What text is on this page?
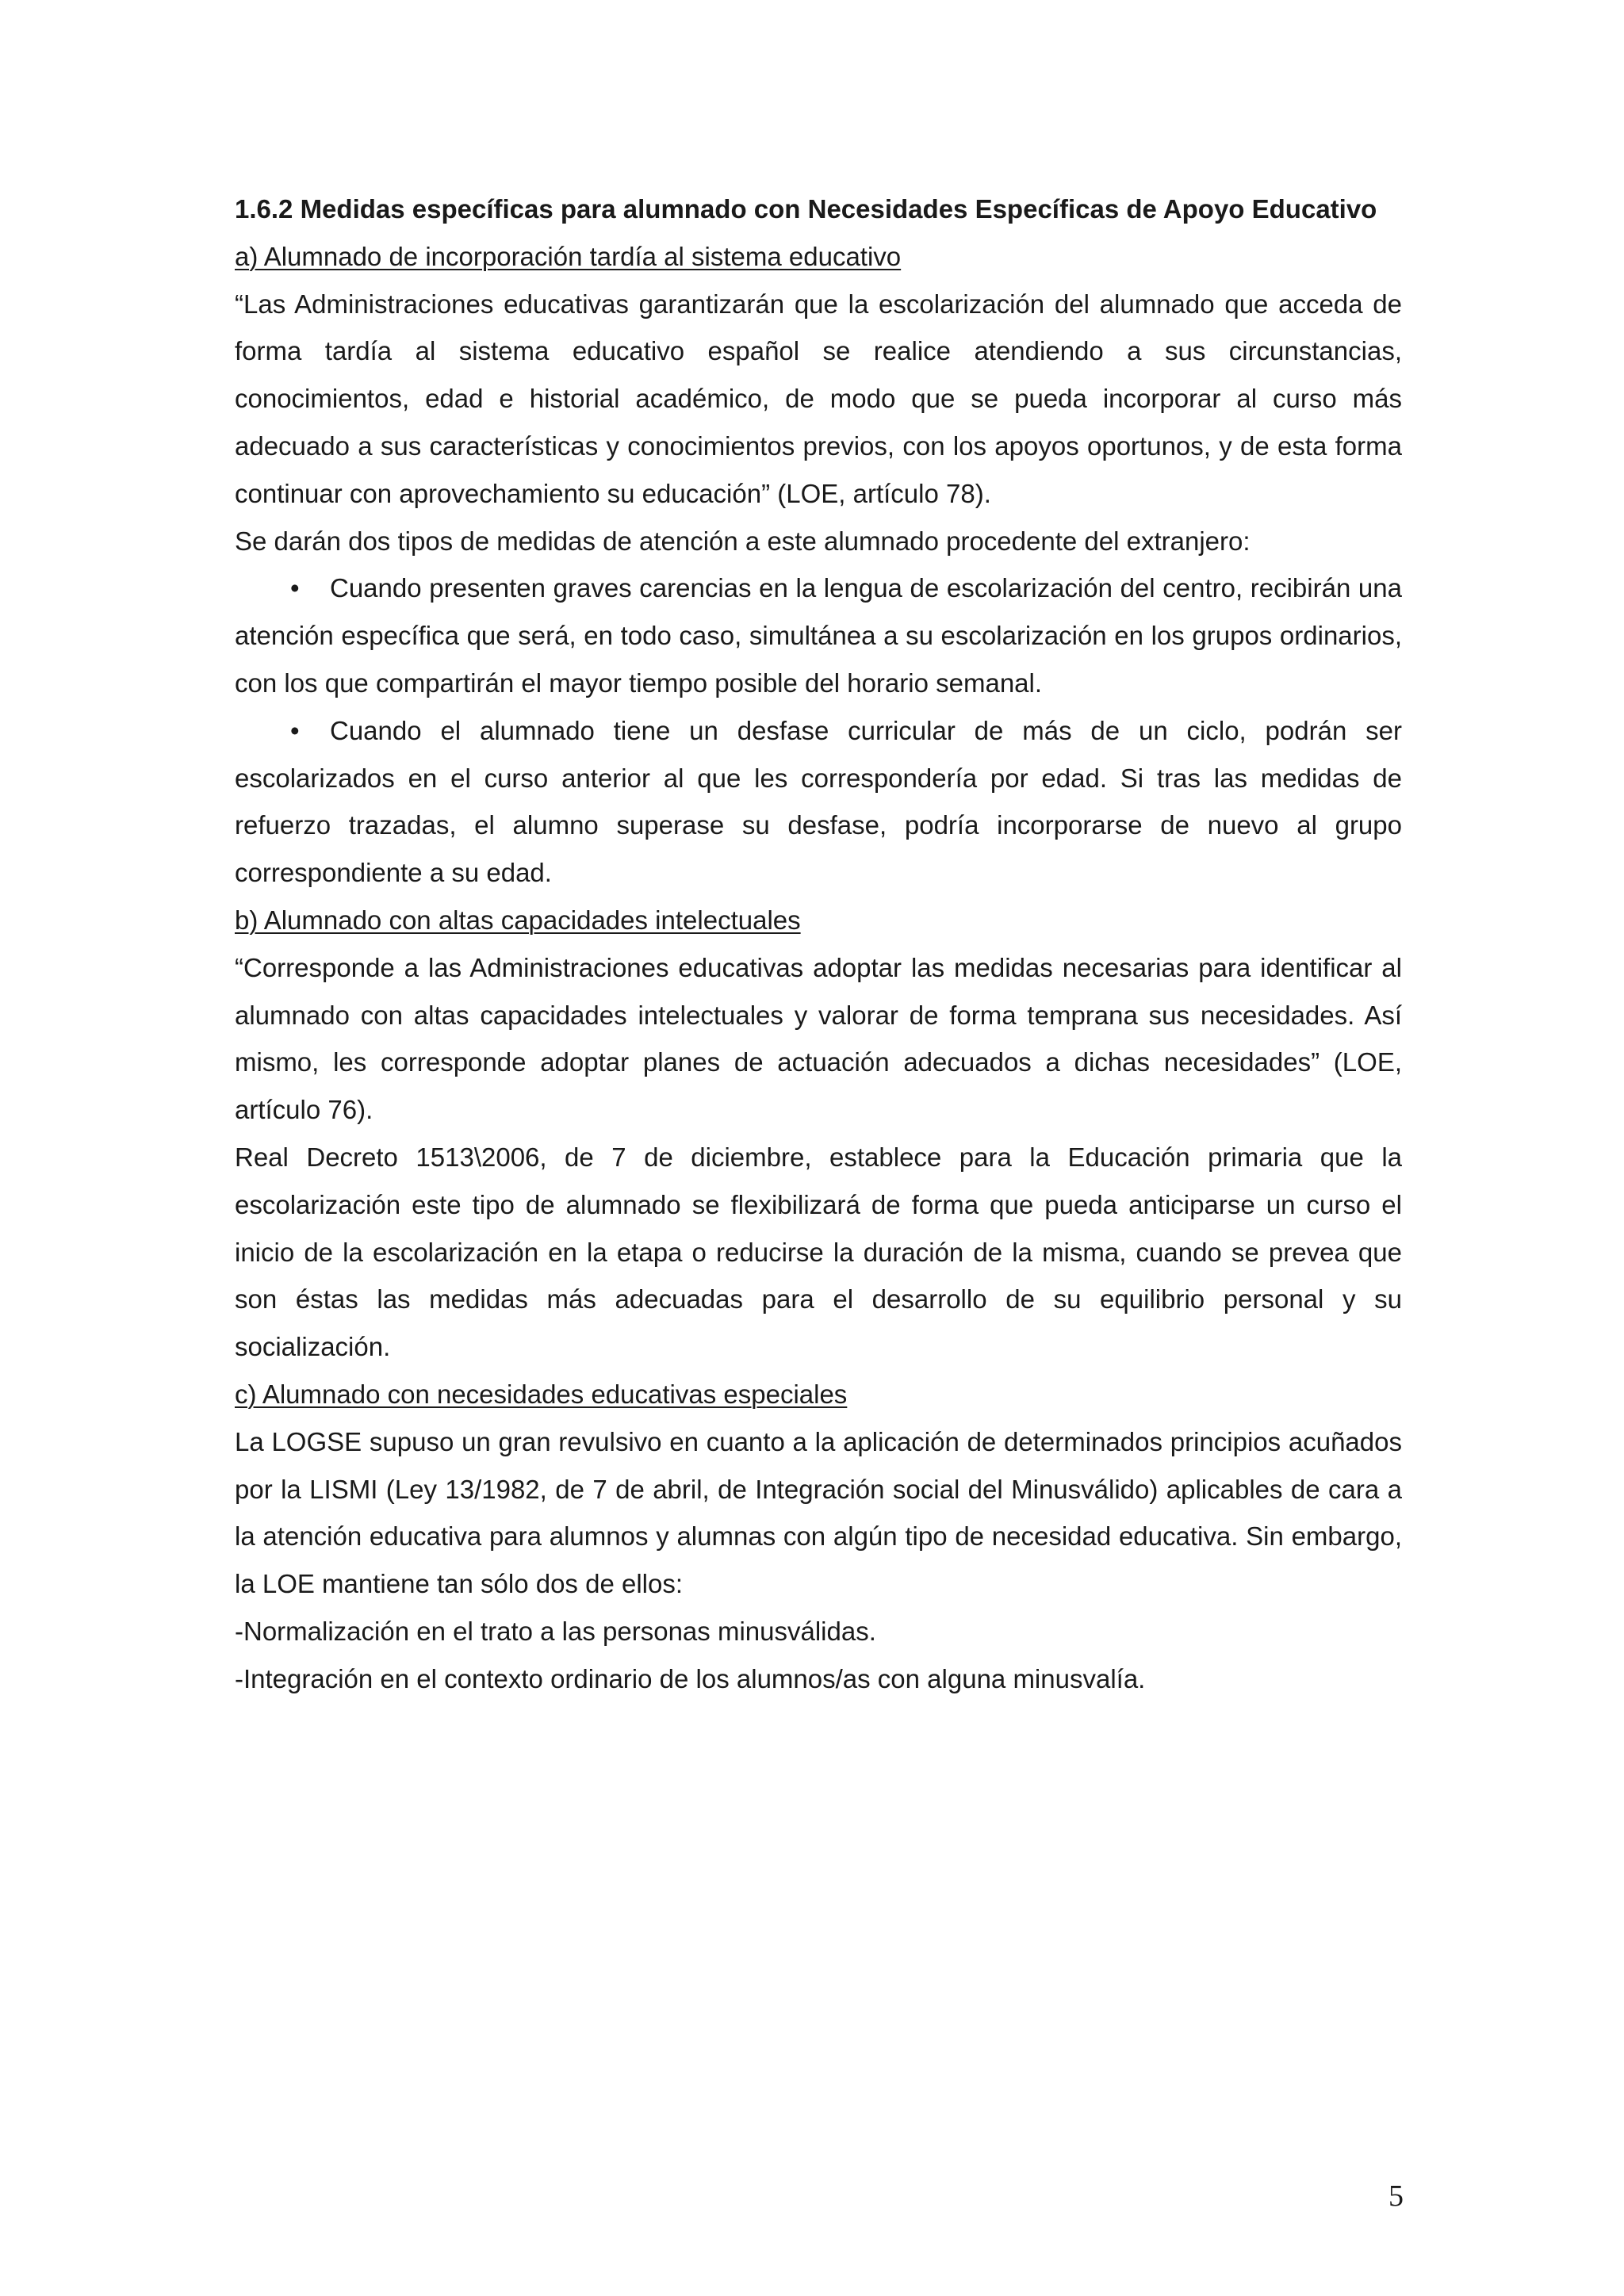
1.6.2 Medidas específicas para alumnado con Necesidades Específicas de Apoyo Educativo

a) Alumnado de incorporación tardía al sistema educativo

“Las Administraciones educativas garantizarán que la escolarización del alumnado que acceda de forma tardía al sistema educativo español se realice atendiendo a sus circunstancias, conocimientos, edad e historial académico, de modo que se pueda incorporar al curso más adecuado a sus características y conocimientos previos, con los apoyos oportunos, y de esta forma continuar con aprovechamiento su educación” (LOE, artículo 78).

Se darán dos tipos de medidas de atención a este alumnado procedente del extranjero:

• Cuando presenten graves carencias en la lengua de escolarización del centro, recibirán una atención específica que será, en todo caso, simultánea a su escolarización en los grupos ordinarios, con los que compartirán el mayor tiempo posible del horario semanal.

• Cuando el alumnado tiene un desfase curricular de más de un ciclo, podrán ser escolarizados en el curso anterior al que les correspondería por edad. Si tras las medidas de refuerzo trazadas, el alumno superase su desfase, podría incorporarse de nuevo al grupo correspondiente a su edad.

b) Alumnado con altas capacidades intelectuales

“Corresponde a las Administraciones educativas adoptar las medidas necesarias para identificar al alumnado con altas capacidades intelectuales y valorar de forma temprana sus necesidades. Así mismo, les corresponde adoptar planes de actuación adecuados a dichas necesidades” (LOE, artículo 76).

Real Decreto 1513\2006, de 7 de diciembre, establece para la Educación primaria que la escolarización este tipo de alumnado se flexibilizará de forma que pueda anticiparse un curso el inicio de la escolarización en la etapa o reducirse la duración de la misma, cuando se prevea que son éstas las medidas más adecuadas para el desarrollo de su equilibrio personal y su socialización.

c) Alumnado con necesidades educativas especiales

La LOGSE supuso un gran revulsivo en cuanto a la aplicación de determinados principios acuñados por la LISMI (Ley 13/1982, de 7 de abril, de Integración social del Minusválido) aplicables de cara a la atención educativa para alumnos y alumnas con algún tipo de necesidad educativa. Sin embargo, la LOE mantiene tan sólo dos de ellos:

-Normalización en el trato a las personas minusválidas.

-Integración en el contexto ordinario de los alumnos/as con alguna minusvalía.

5
